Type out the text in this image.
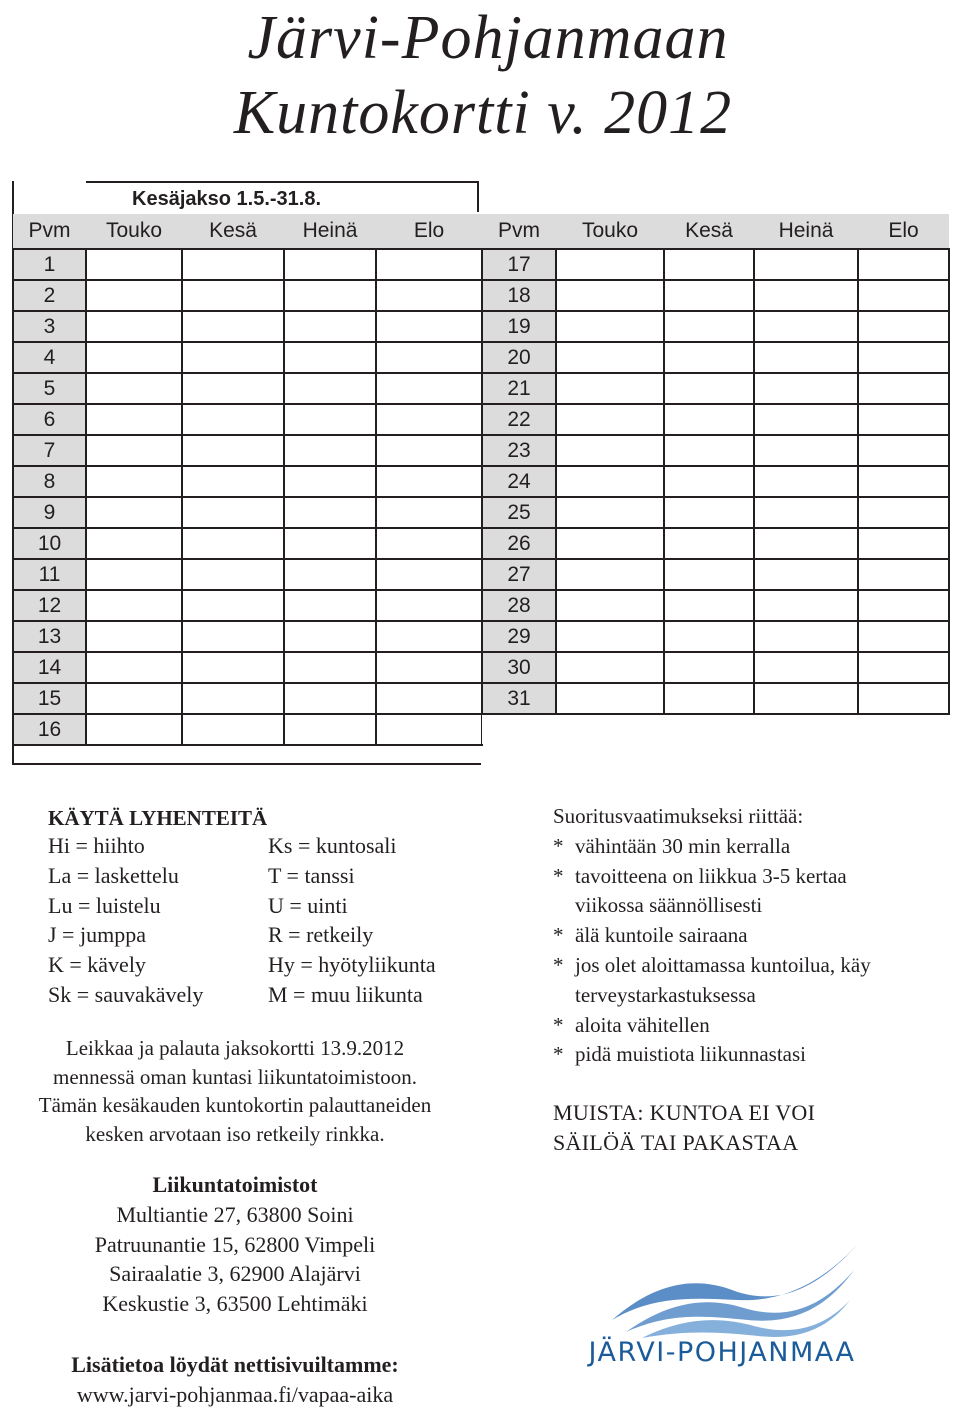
Järvi-Pohjanmaan
Kuntokortti v. 2012
Kesäjakso 1.5.-31.8.
Pvm	Touko	Kesä	Heinä	Elo
1				
2				
3				
4				
5				
6				
7				
8				
9				
10				
11				
12				
13				
14				
15				
16				
Pvm	Touko	Kesä	Heinä	Elo
17				
18				
19				
20				
21				
22				
23				
24				
25				
26				
27				
28				
29				
30				
31				

KÄYTÄ LYHENTEITÄ
Hi = hiihto
La = laskettelu
Lu = luistelu
J = jumppa
K = kävely
Sk = sauvakävely
Ks = kuntosali
T = tanssi
U = uinti
R = retkeily
Hy = hyötyliikunta
M = muu liikunta
Leikkaa ja palauta jaksokortti 13.9.2012
mennessä oman kuntasi liikuntatoimistoon.
Tämän kesäkauden kuntokortin palauttaneiden
kesken arvotaan iso retkeily rinkka.
Liikuntatoimistot
Multiantie 27, 63800 Soini
Patruunantie 15, 62800 Vimpeli
Sairaalatie 3, 62900 Alajärvi
Keskustie 3, 63500 Lehtimäki
Lisätietoa löydät nettisivuiltamme:
www.jarvi-pohjanmaa.fi/vapaa-aika
Suoritusvaatimukseksi riittää:
* vähintään 30 min kerralla
* tavoitteena on liikkua 3-5 kertaa
viikossa säännöllisesti
* älä kuntoile sairaana
* jos olet aloittamassa kuntoilua, käy
terveystarkastuksessa
* aloita vähitellen
* pidä muistiota liikunnastasi
MUISTA: KUNTOA EI VOI
SÄILÖÄ TAI PAKASTAA
JÄRVI-POHJANMAA
